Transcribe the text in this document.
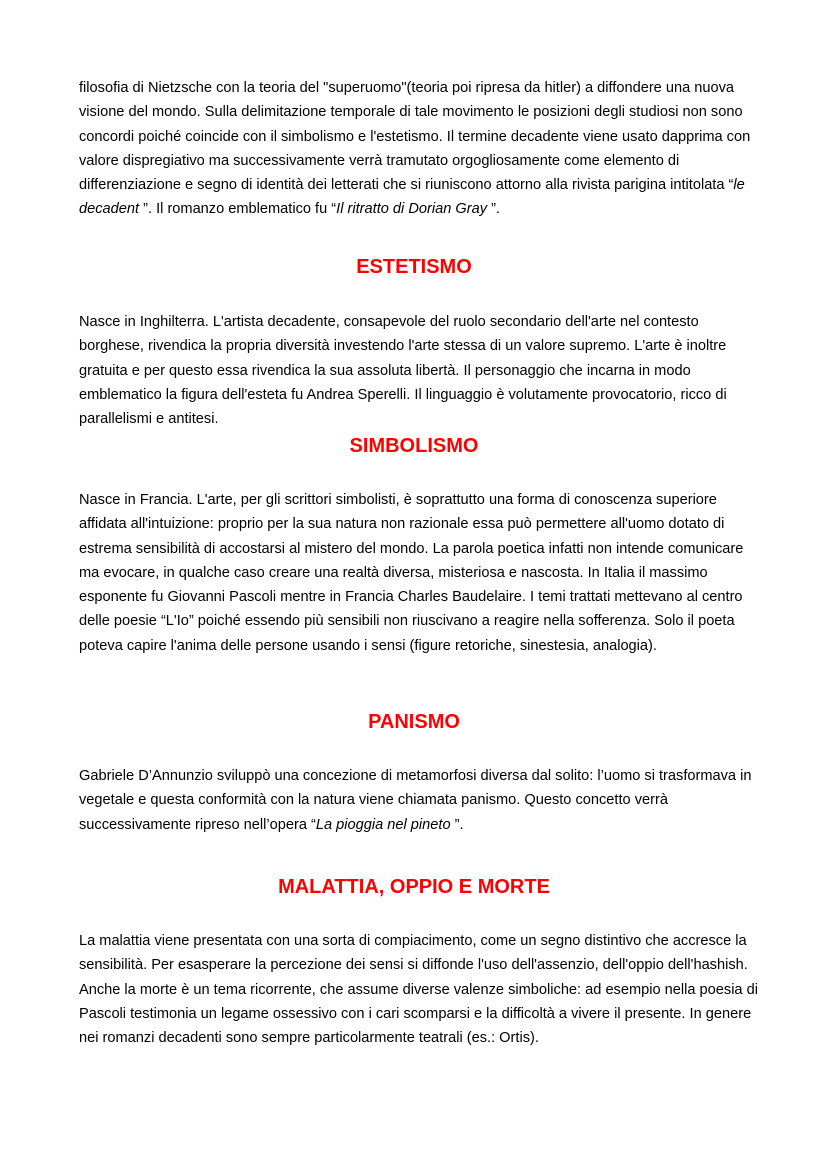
filosofia di Nietzsche con la teoria del "superuomo"(teoria poi ripresa da hitler) a diffondere una nuova visione del mondo. Sulla delimitazione temporale di tale movimento le posizioni degli studiosi non sono concordi poiché coincide con il simbolismo e l'estetismo. Il termine decadente viene usato dapprima con valore dispregiativo ma successivamente verrà tramutato orgogliosamente come elemento di differenziazione e segno di identità dei letterati che si riuniscono attorno alla rivista parigina intitolata “le decadent ”. Il romanzo emblematico fu “Il ritratto di Dorian Gray ”.

ESTETISMO

Nasce in Inghilterra. L'artista decadente, consapevole del ruolo secondario dell'arte nel contesto borghese, rivendica la propria diversità investendo l'arte stessa di un valore supremo. L'arte è inoltre gratuita e per questo essa rivendica la sua assoluta libertà. Il personaggio che incarna in modo emblematico la figura dell'esteta fu Andrea Sperelli. Il linguaggio è volutamente provocatorio, ricco di parallelismi e antitesi.

SIMBOLISMO

Nasce in Francia. L'arte, per gli scrittori simbolisti, è soprattutto una forma di conoscenza superiore affidata all'intuizione: proprio per la sua natura non razionale essa può permettere all'uomo dotato di estrema sensibilità di accostarsi al mistero del mondo. La parola poetica infatti non intende comunicare ma evocare, in qualche caso creare una realtà diversa, misteriosa e nascosta. In Italia il massimo esponente fu Giovanni Pascoli mentre in Francia Charles Baudelaire. I temi trattati mettevano al centro delle poesie “L'Io” poiché essendo più sensibili non riuscivano a reagire nella sofferenza. Solo il poeta poteva capire l'anima delle persone usando i sensi (figure retoriche, sinestesia, analogia).

PANISMO

Gabriele D’Annunzio sviluppò una concezione di metamorfosi diversa dal solito: l’uomo si trasformava in vegetale e questa conformità con la natura viene chiamata panismo. Questo concetto verrà successivamente ripreso nell’opera “La pioggia nel pineto ”.

MALATTIA, OPPIO E MORTE

La malattia viene presentata con una sorta di compiacimento, come un segno distintivo che accresce la sensibilità. Per esasperare la percezione dei sensi si diffonde l'uso dell'assenzio, dell'oppio dell'hashish. Anche la morte è un tema ricorrente, che assume diverse valenze simboliche: ad esempio nella poesia di Pascoli testimonia un legame ossessivo con i cari scomparsi e la difficoltà a vivere il presente. In genere nei romanzi decadenti sono sempre particolarmente teatrali (es.: Ortis).
